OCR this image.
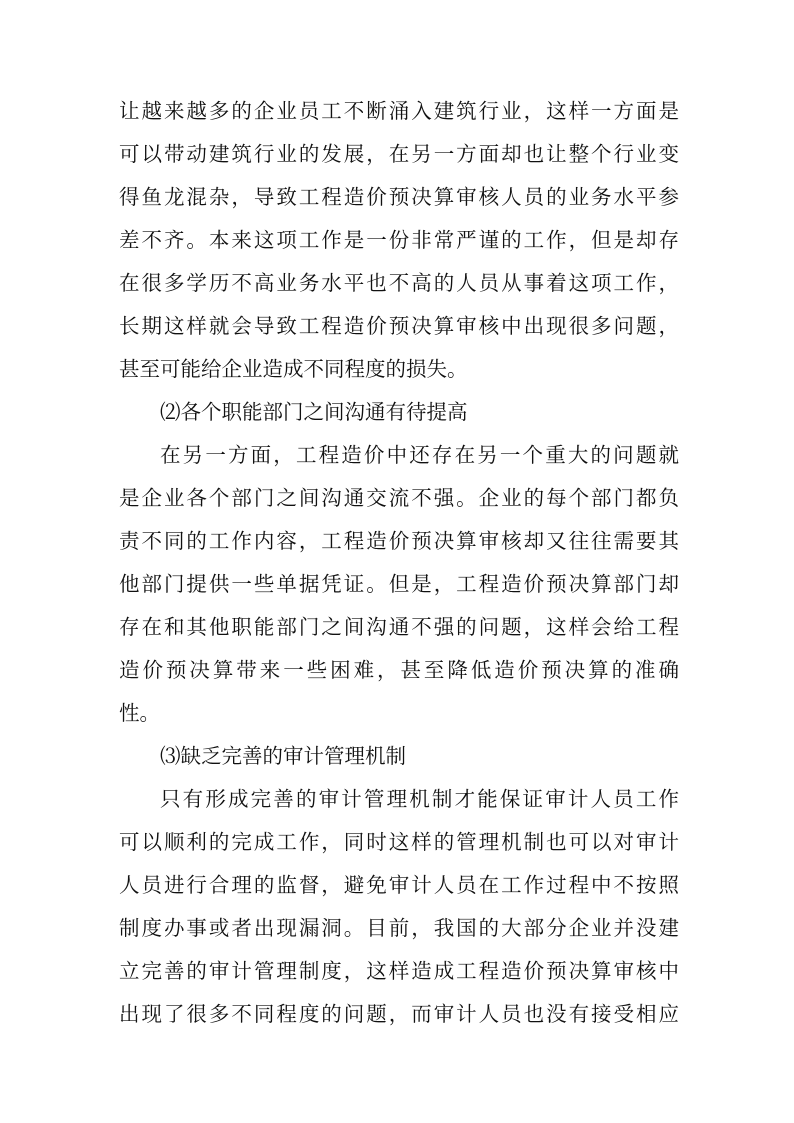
让越来越多的企业员工不断涌入建筑行业，这样一方面是
可以带动建筑行业的发展，在另一方面却也让整个行业变
得鱼龙混杂，导致工程造价预决算审核人员的业务水平参
差不齐。本来这项工作是一份非常严谨的工作，但是却存
在很多学历不高业务水平也不高的人员从事着这项工作，
长期这样就会导致工程造价预决算审核中出现很多问题，
甚至可能给企业造成不同程度的损失。
⑵各个职能部门之间沟通有待提高
在另一方面，工程造价中还存在另一个重大的问题就
是企业各个部门之间沟通交流不强。企业的每个部门都负
责不同的工作内容，工程造价预决算审核却又往往需要其
他部门提供一些单据凭证。但是，工程造价预决算部门却
存在和其他职能部门之间沟通不强的问题，这样会给工程
造价预决算带来一些困难，甚至降低造价预决算的准确
性。
⑶缺乏完善的审计管理机制
只有形成完善的审计管理机制才能保证审计人员工作
可以顺利的完成工作，同时这样的管理机制也可以对审计
人员进行合理的监督，避免审计人员在工作过程中不按照
制度办事或者出现漏洞。目前，我国的大部分企业并没建
立完善的审计管理制度，这样造成工程造价预决算审核中
出现了很多不同程度的问题，而审计人员也没有接受相应
